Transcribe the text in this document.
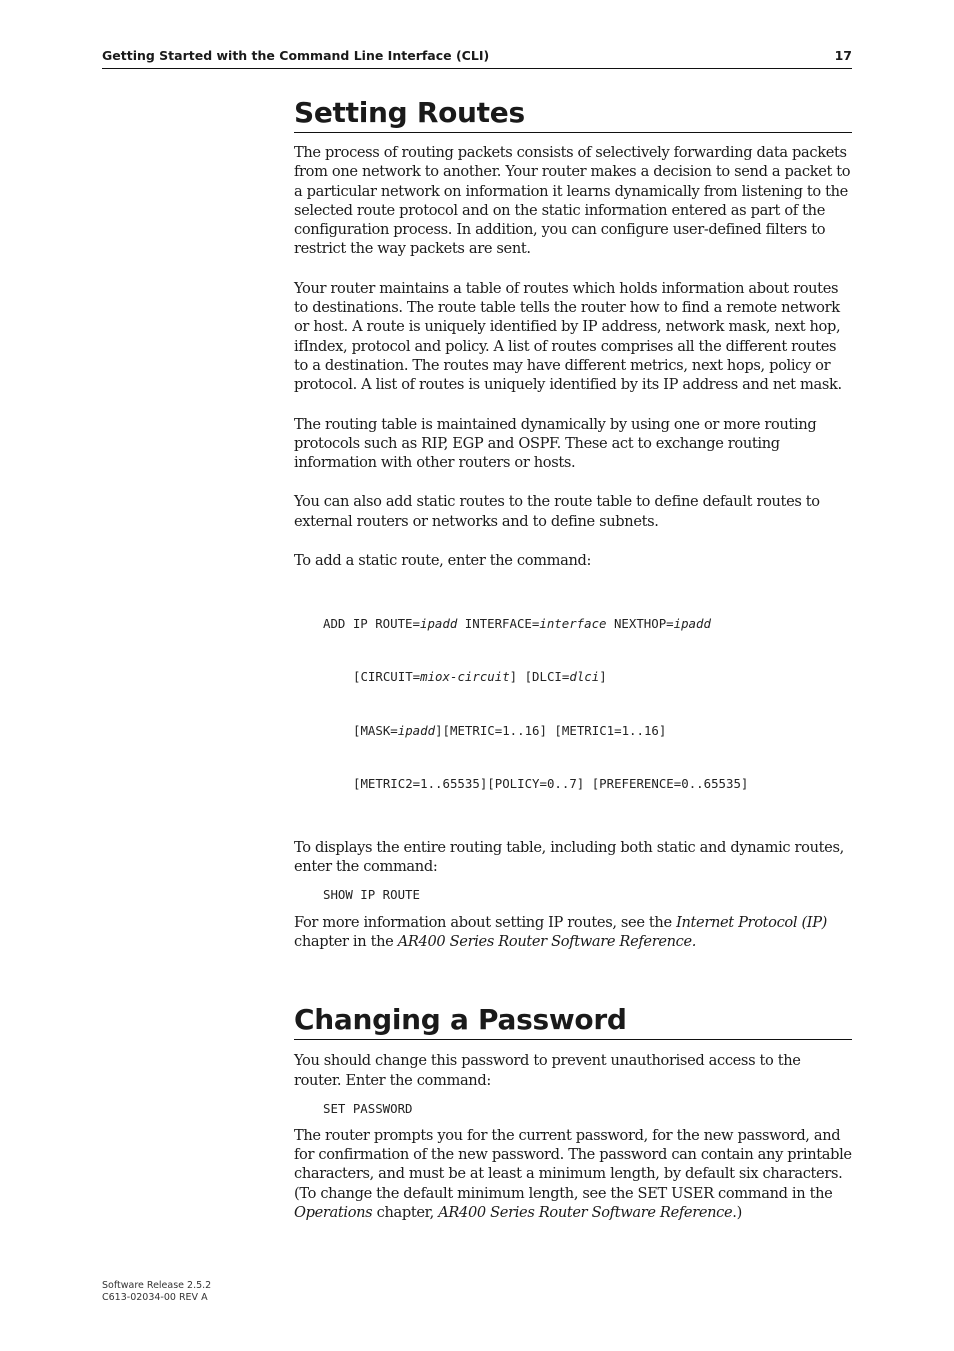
Getting Started with the Command Line Interface (CLI)	17
Setting Routes

The process of routing packets consists of selectively forwarding data packets from one network to another. Your router makes a decision to send a packet to a particular network on information it learns dynamically from listening to the selected route protocol and on the static information entered as part of the configuration process. In addition, you can configure user-defined filters to restrict the way packets are sent.

Your router maintains a table of routes which holds information about routes to destinations. The route table tells the router how to find a remote network or host. A route is uniquely identified by IP address, network mask, next hop, ifIndex, protocol and policy. A list of routes comprises all the different routes to a destination. The routes may have different metrics, next hops, policy or protocol. A list of routes is uniquely identified by its IP address and net mask.

The routing table is maintained dynamically by using one or more routing protocols such as RIP, EGP and OSPF. These act to exchange routing information with other routers or hosts.

You can also add static routes to the route table to define default routes to external routers or networks and to define subnets.

To add a static route, enter the command:

ADD IP ROUTE=ipadd INTERFACE=interface NEXTHOP=ipadd

[CIRCUIT=miox-circuit] [DLCI=dlci]

[MASK=ipadd][METRIC=1..16] [METRIC1=1..16]

[METRIC2=1..65535][POLICY=0..7] [PREFERENCE=0..65535]

To displays the entire routing table, including both static and dynamic routes, enter the command:

SHOW IP ROUTE

For more information about setting IP routes, see the Internet Protocol (IP) chapter in the AR400 Series Router Software Reference.

Changing a Password

You should change this password to prevent unauthorised access to the router. Enter the command:

SET PASSWORD

The router prompts you for the current password, for the new password, and for confirmation of the new password. The password can contain any printable characters, and must be at least a minimum length, by default six characters. (To change the default minimum length, see the SET USER command in the Operations chapter, AR400 Series Router Software Reference.)

Software Release 2.5.2
C613-02034-00 REV A
